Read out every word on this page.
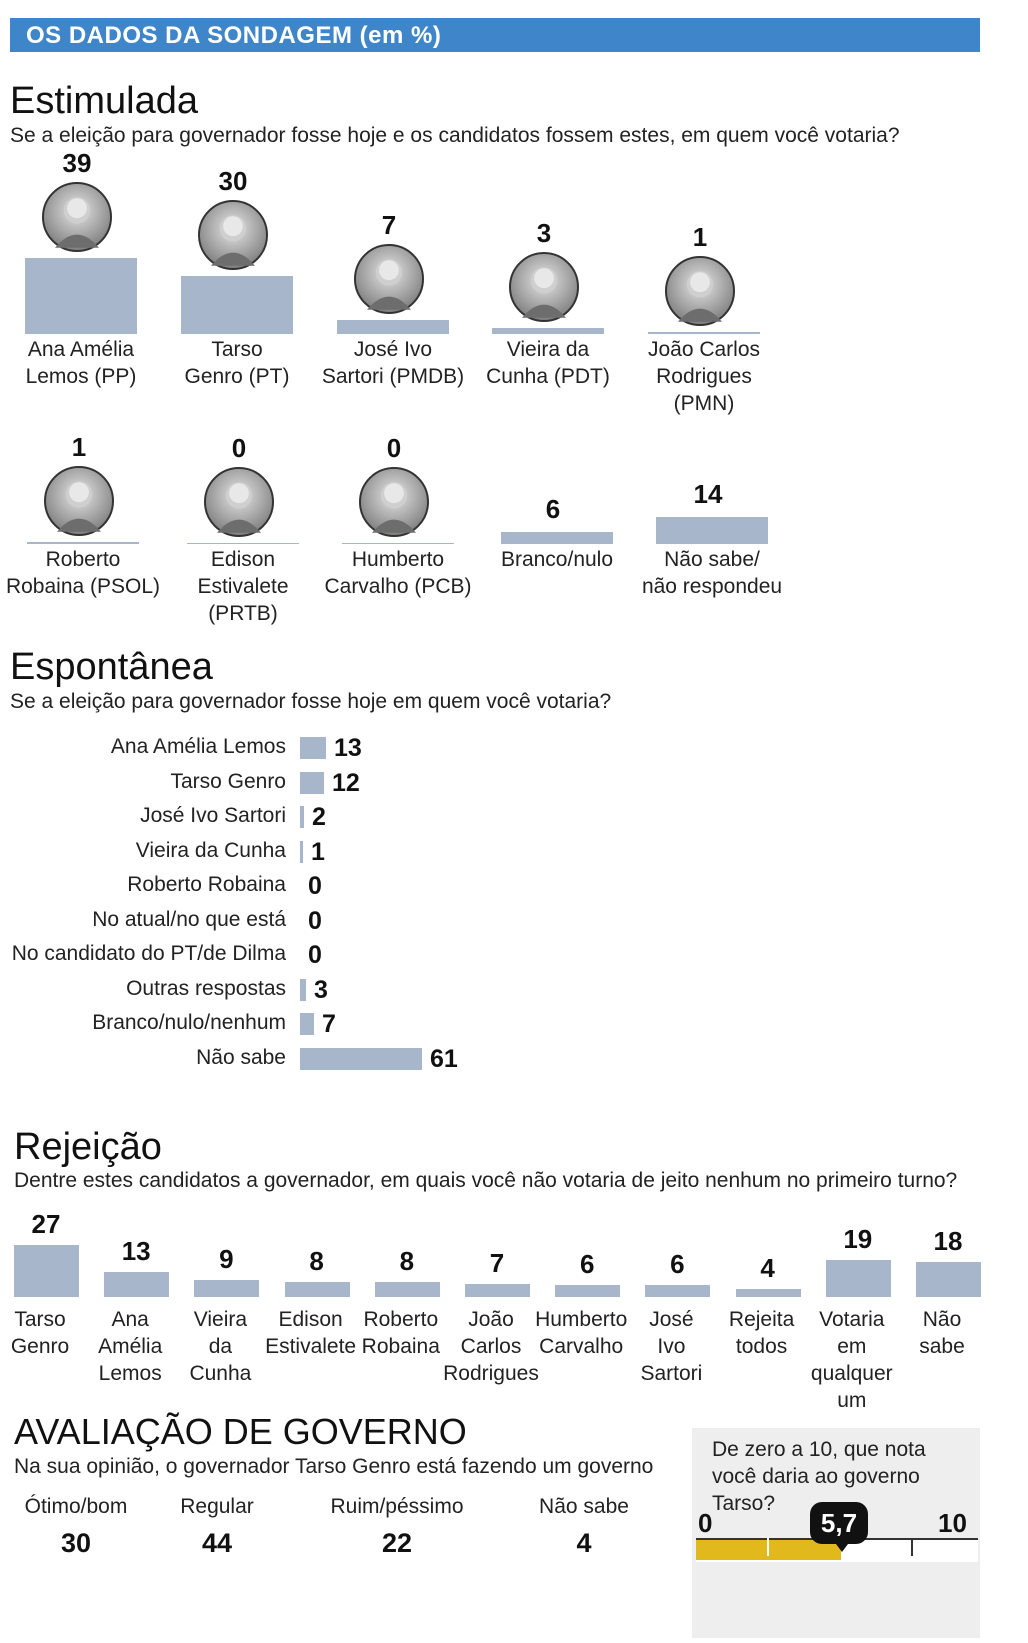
OS DADOS DA SONDAGEM (em %)
Estimulada
Se a eleição para governador fosse hoje e os candidatos fossem estes, em quem você votaria?
Espontânea
Se a eleição para governador fosse hoje em quem você votaria?
Rejeição
Dentre estes candidatos a governador, em quais você não votaria de jeito nenhum no primeiro turno?
AVALIAÇÃO DE GOVERNO
Na sua opinião, o governador Tarso Genro está fazendo um governo
De zero a 10, que nota você daria ao governo Tarso?
0	10
5,7
39
Ana Amélia
Lemos (PP)
30
Tarso
Genro (PT)
7
José Ivo
Sartori (PMDB)
3
Vieira da
Cunha (PDT)
1
João Carlos
Rodrigues (PMN)
1
Roberto
Robaina (PSOL)
0
Edison
Estivalete (PRTB)
0
Humberto
Carvalho (PCB)
6
Branco/nulo
14
Não sabe/
não respondeu
Ana Amélia Lemos 13
Tarso Genro 12
José Ivo Sartori 2
Vieira da Cunha 1
Roberto Robaina 0
No atual/no que está 0
No candidato do PT/de Dilma 0
Outras respostas 3
Branco/nulo/nenhum 7
Não sabe	61
27
Tarso
Genro
13
Ana
Amélia
Lemos
9
Vieira
da
Cunha
8
Edison
Estivalete
8
Roberto
Robaina
7
João
Carlos
Rodrigues
6
Humberto
Carvalho
6
José
Ivo
Sartori
4
Rejeita
todos
19
Votaria
em
qualquer
um
18
Não
sabe
Ótimo/bom
30
Regular
44
Ruim/péssimo
22
Não sabe
4
